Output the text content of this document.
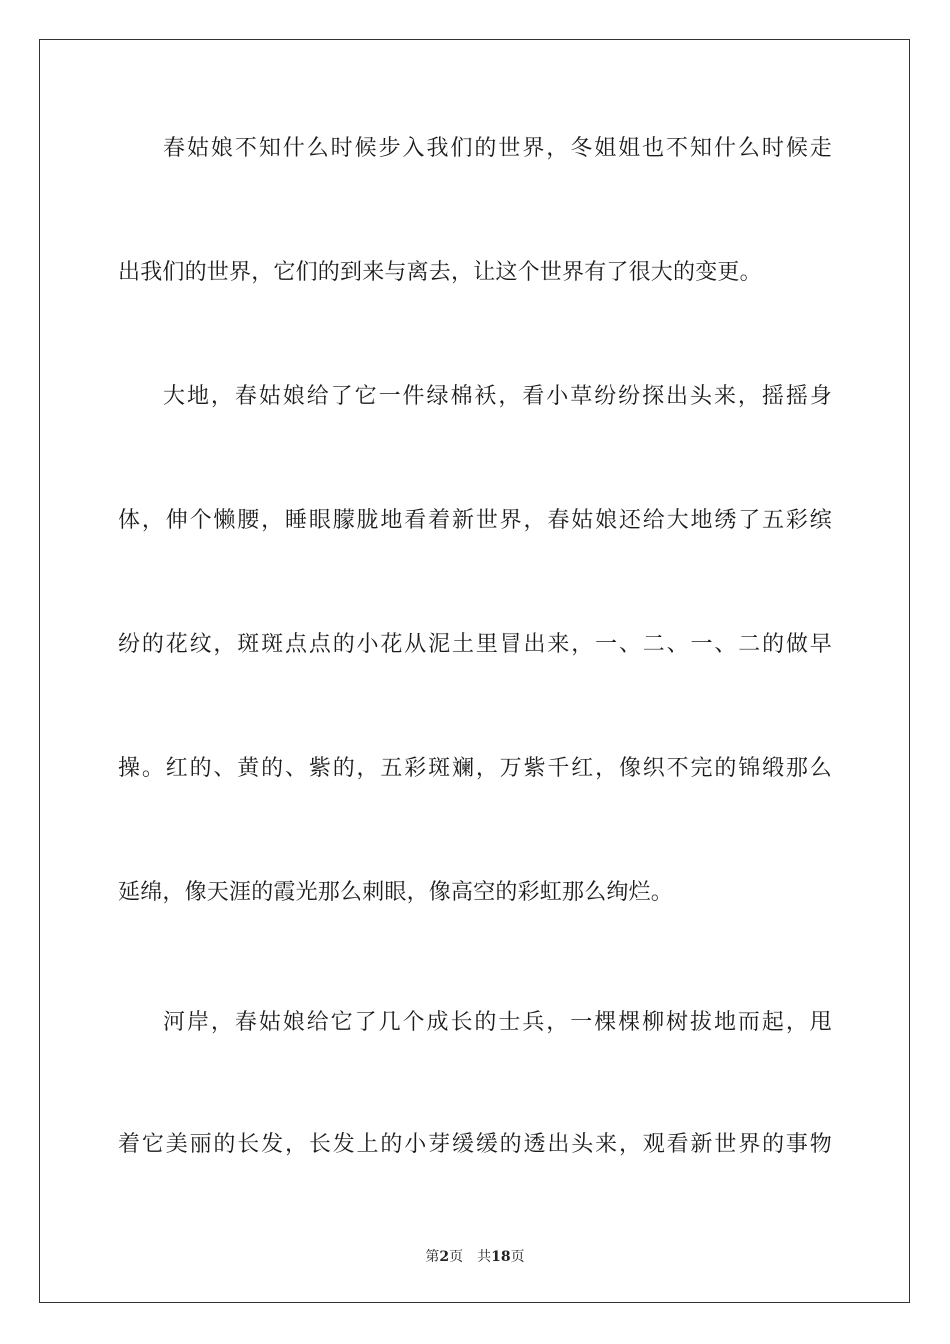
春姑娘不知什么时候步入我们的世界，冬姐姐也不知什么时候走
出我们的世界，它们的到来与离去，让这个世界有了很大的变更。
大地，春姑娘给了它一件绿棉袄，看小草纷纷探出头来，摇摇身
体，伸个懒腰，睡眼朦胧地看着新世界，春姑娘还给大地绣了五彩缤
纷的花纹，斑斑点点的小花从泥土里冒出来，一、二、一、二的做早
操。红的、黄的、紫的，五彩斑斓，万紫千红，像织不完的锦缎那么
延绵，像天涯的霞光那么刺眼，像高空的彩虹那么绚烂。
河岸，春姑娘给它了几个成长的士兵，一棵棵柳树拔地而起，甩
着它美丽的长发，长发上的小芽缓缓的透出头来，观看新世界的事物
第2页　共18页
